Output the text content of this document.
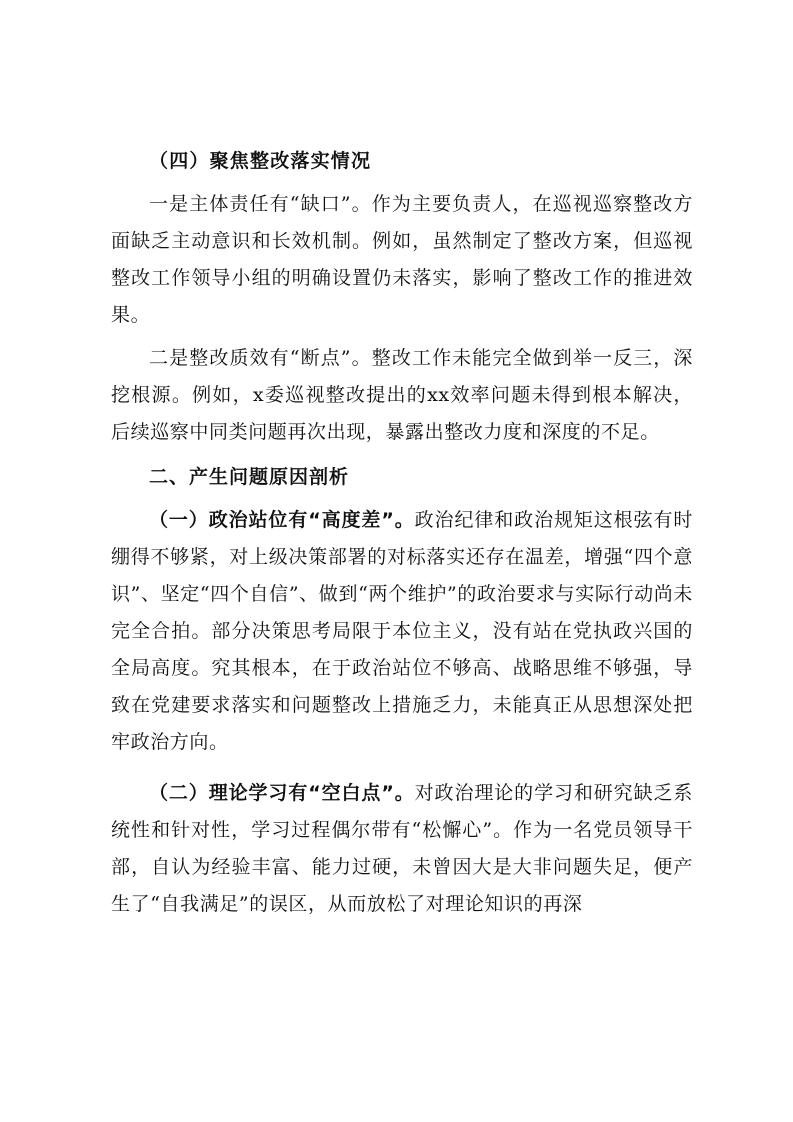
（四）聚焦整改落实情况

一是主体责任有“缺口”。作为主要负责人，在巡视巡察整改方面缺乏主动意识和长效机制。例如，虽然制定了整改方案，但巡视整改工作领导小组的明确设置仍未落实，影响了整改工作的推进效果。

二是整改质效有“断点”。整改工作未能完全做到举一反三，深挖根源。例如，x委巡视整改提出的xx效率问题未得到根本解决，后续巡察中同类问题再次出现，暴露出整改力度和深度的不足。

二、产生问题原因剖析

（一）政治站位有“高度差”。政治纪律和政治规矩这根弦有时绷得不够紧，对上级决策部署的对标落实还存在温差，增强“四个意识”、坚定“四个自信”、做到“两个维护”的政治要求与实际行动尚未完全合拍。部分决策思考局限于本位主义，没有站在党执政兴国的全局高度。究其根本，在于政治站位不够高、战略思维不够强，导致在党建要求落实和问题整改上措施乏力，未能真正从思想深处把牢政治方向。

（二）理论学习有“空白点”。对政治理论的学习和研究缺乏系统性和针对性，学习过程偶尔带有“松懈心”。作为一名党员领导干部，自认为经验丰富、能力过硬，未曾因大是大非问题失足，便产生了“自我满足”的误区，从而放松了对理论知识的再深
